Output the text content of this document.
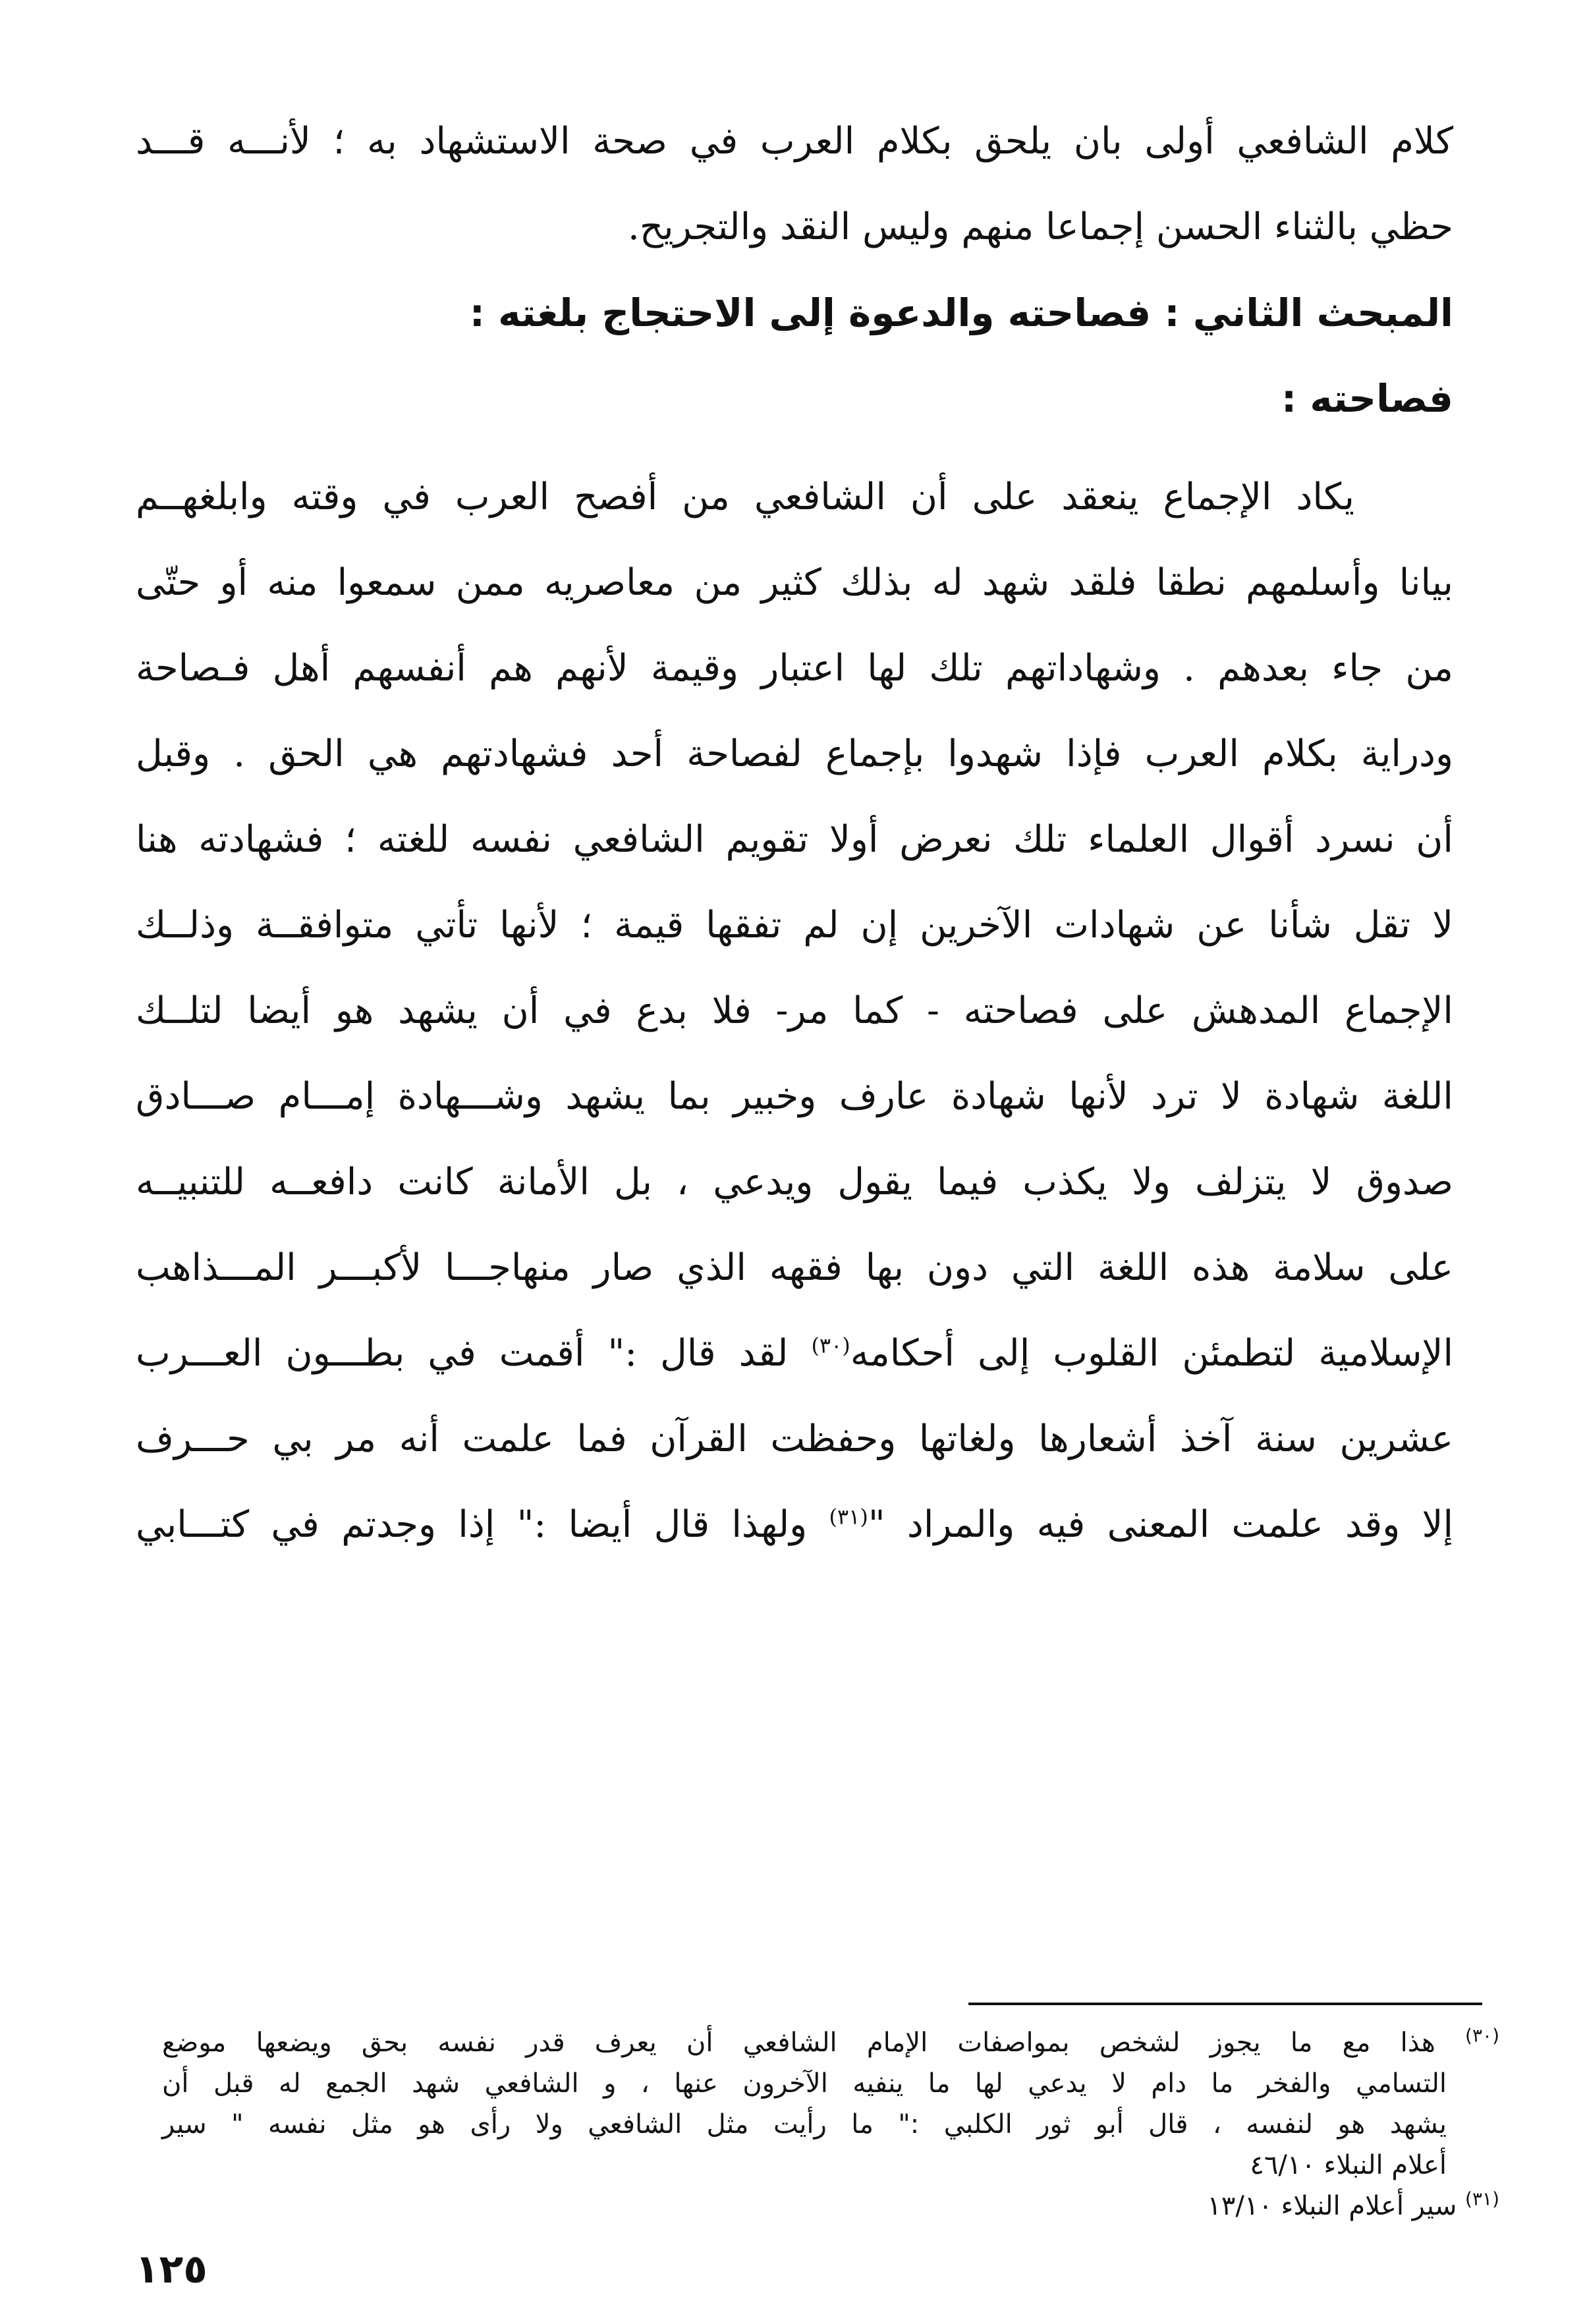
كلام الشافعي أولى بان يلحق بكلام العرب في صحة الاستشهاد به ؛ لأنـــه قـــد
حظي بالثناء الحسن إجماعا منهم وليس النقد والتجريح.
المبحث الثاني : فصاحته والدعوة إلى الاحتجاج بلغته :
فصاحته :
يكاد الإجماع ينعقد على أن الشافعي من أفصح العرب في وقته وابلغهــم
بيانا وأسلمهم نطقا فلقد شهد له بذلك كثير من معاصريه ممن سمعوا منه أو حتّى
من جاء بعدهم . وشهاداتهم تلك لها اعتبار وقيمة لأنهم هم أنفسهم أهل فـصاحة
ودراية بكلام العرب فإذا شهدوا بإجماع لفصاحة أحد فشهادتهم هي الحق . وقبل
أن نسرد أقوال العلماء تلك نعرض أولا تقويم الشافعي نفسه للغته ؛ فشهادته هنا
لا تقل شأنا عن شهادات الآخرين إن لم تفقها قيمة ؛ لأنها تأتي متوافقــة وذلــك
الإجماع المدهش على فصاحته - كما مر- فلا بدع في أن يشهد هو أيضا لتلــك
اللغة شهادة لا ترد لأنها شهادة عارف وخبير بما يشهد وشـــهادة إمـــام صـــادق
صدوق لا يتزلف ولا يكذب فيما يقول ويدعي ، بل الأمانة كانت دافعــه للتنبيــه
على سلامة هذه اللغة التي دون بها فقهه الذي صار منهاجـــا لأكبـــر المـــذاهب
الإسلامية لتطمئن القلوب إلى أحكامه$^{(٣٠)}$ لقد قال :" أقمت في بطـــون العـــرب
عشرين سنة آخذ أشعارها ولغاتها وحفظت القرآن فما علمت أنه مر بي حـــرف
إلا وقد علمت المعنى فيه والمراد "$^{(٣١)}$ ولهذا قال أيضا :" إذا وجدتم في كتـــابي
$^{(٣٠)}$ هذا مع ما يجوز لشخص بمواصفات الإمام الشافعي أن يعرف قدر نفسه بحق ويضعها موضع
التسامي والفخر ما دام لا يدعي لها ما ينفيه الآخرون عنها ، و الشافعي شهد الجمع له قبل أن
يشهد هو لنفسه ، قال أبو ثور الكلبي :" ما رأيت مثل الشافعي ولا رأى هو مثل نفسه " سير
أعلام النبلاء ٤٦/١٠
$^{(٣١)}$ سير أعلام النبلاء ١٣/١٠
١٢٥
